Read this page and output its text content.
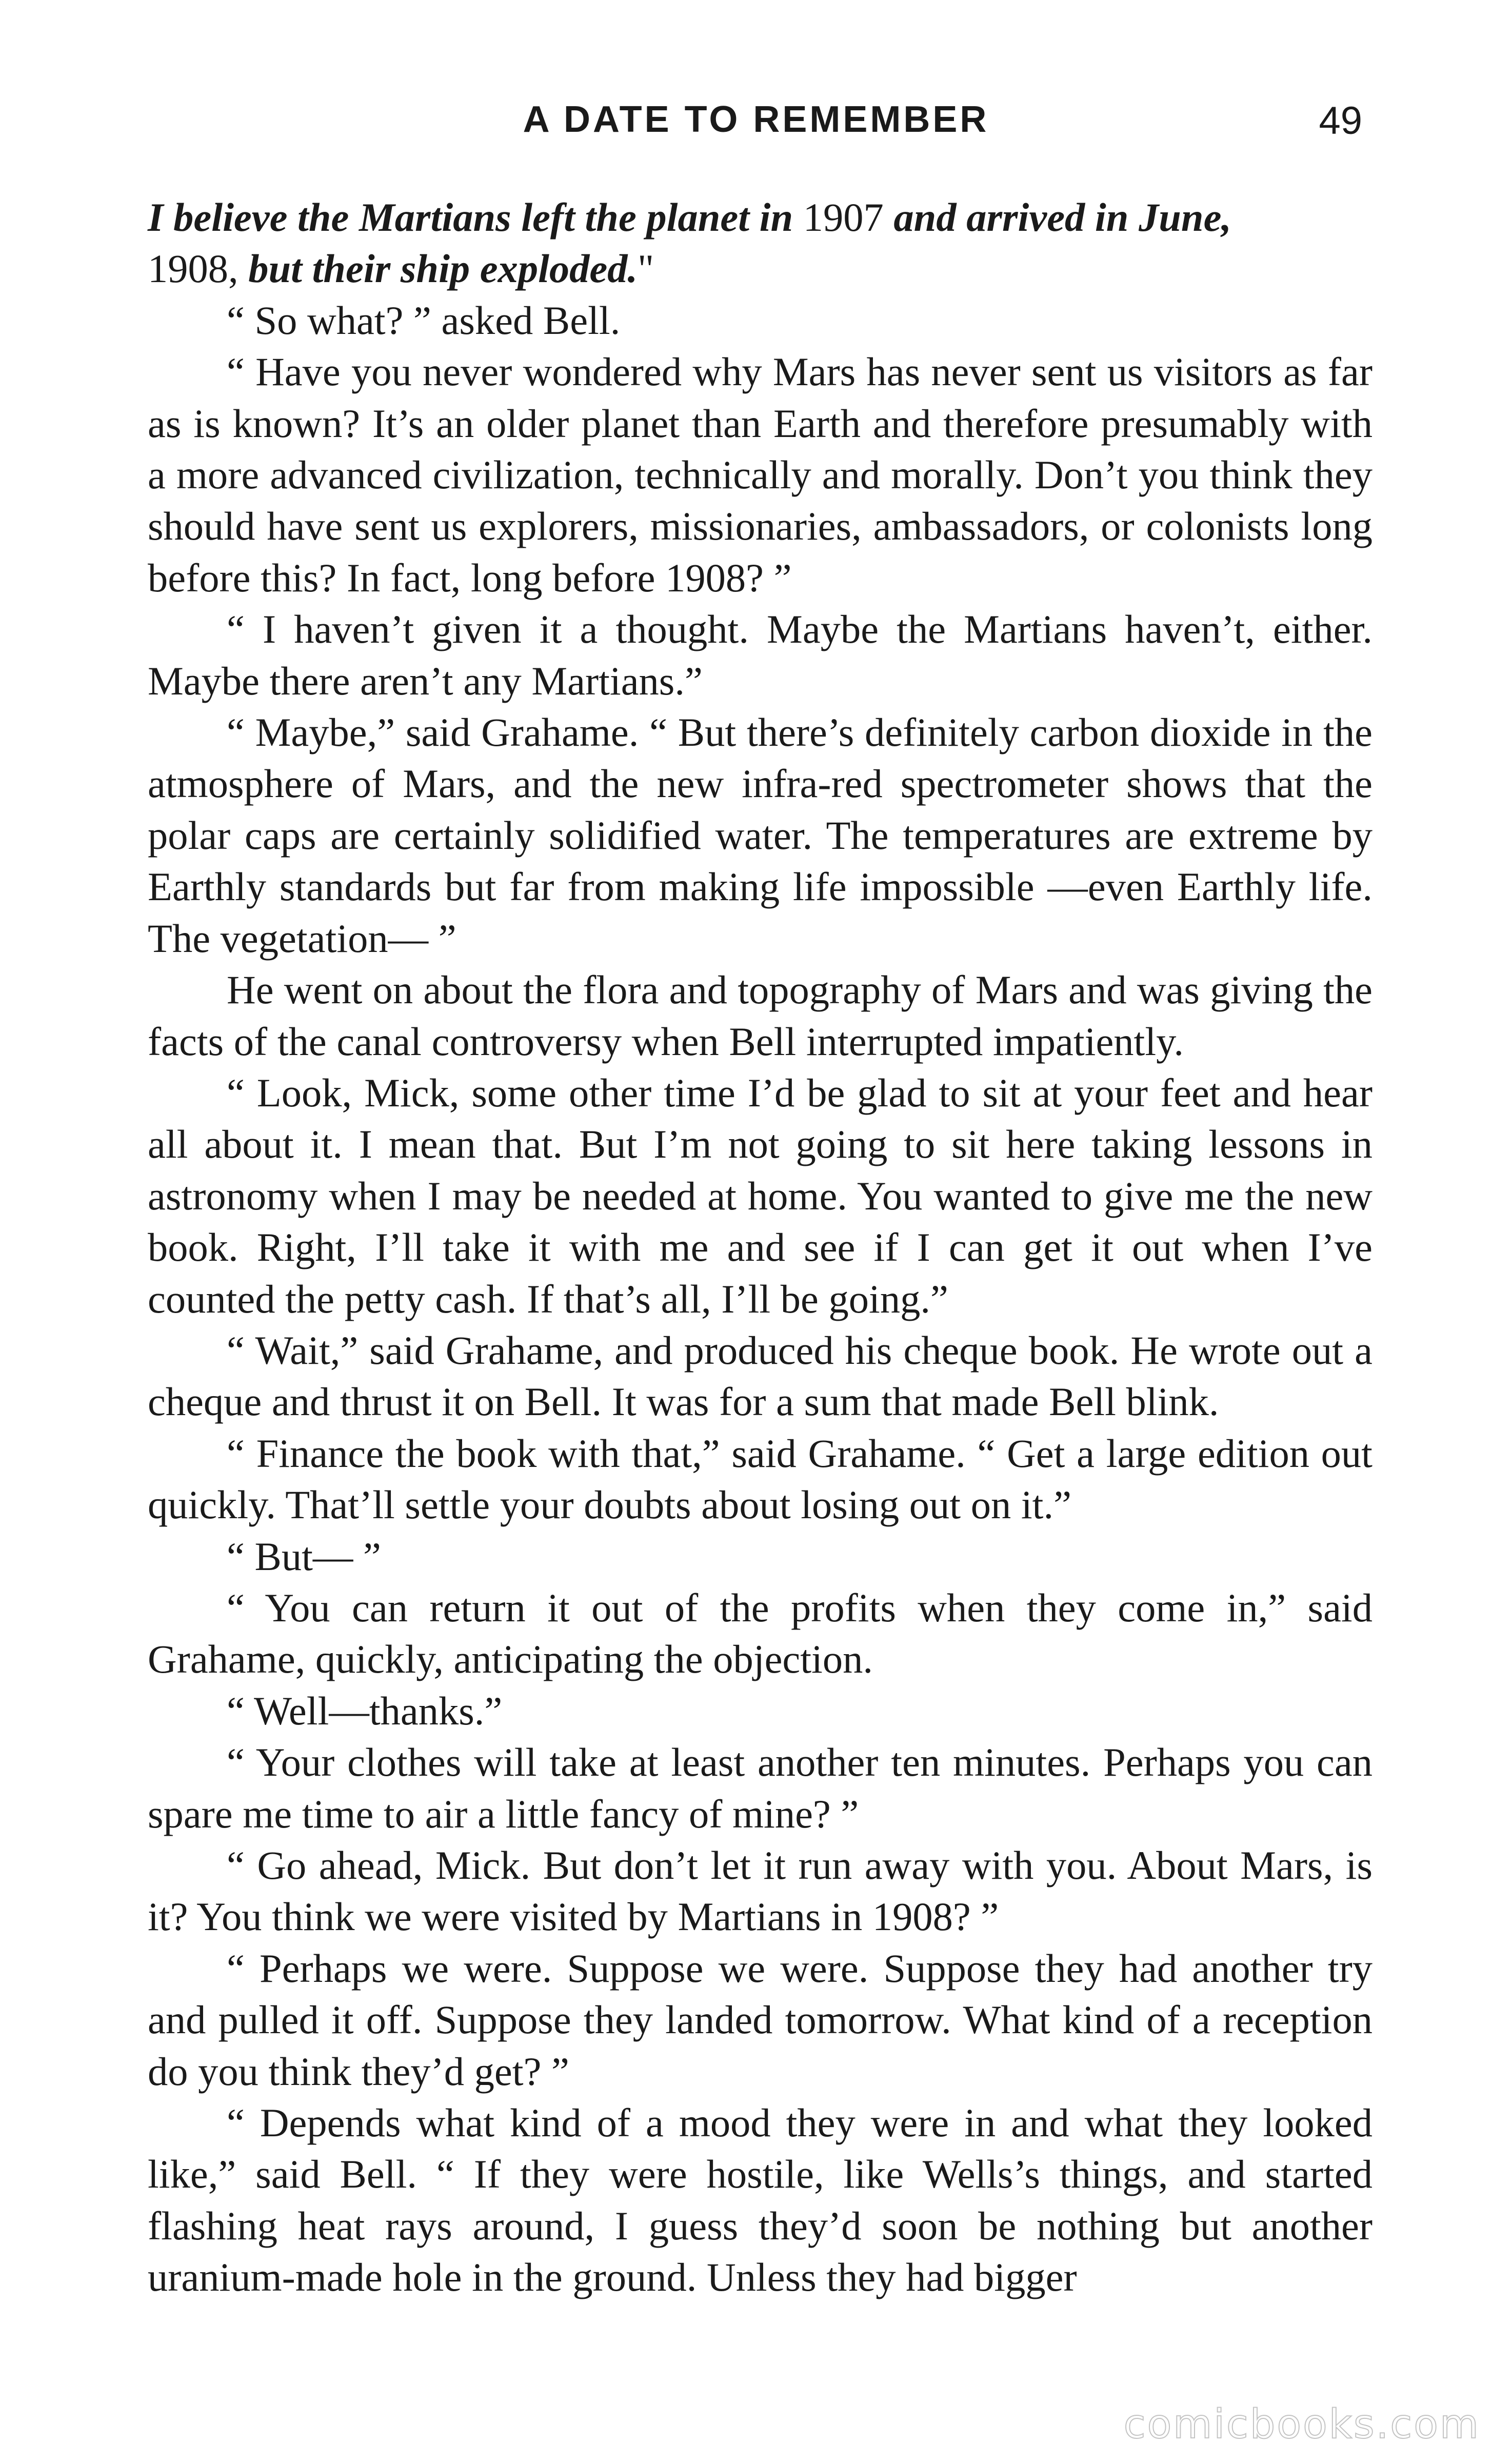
A DATE TO REMEMBER	49

I believe the Martians left the planet in 1907 and arrived in June,
1908, but their ship exploded."

“ So what? ” asked Bell.

“ Have you never wondered why Mars has never sent us visitors as far as is known? It’s an older planet than Earth and therefore presumably with a more advanced civilization, technically and morally. Don’t you think they should have sent us explorers, missionaries, ambassadors, or colonists long before this? In fact, long before 1908? ”

“ I haven’t given it a thought. Maybe the Martians haven’t, either. Maybe there aren’t any Martians.”

“ Maybe,” said Grahame. “ But there’s definitely carbon dioxide in the atmosphere of Mars, and the new infra-red spectrometer shows that the polar caps are certainly solidified water. The temperatures are extreme by Earthly standards but far from making life impossible —even Earthly life. The vegetation— ”

He went on about the flora and topography of Mars and was giving the facts of the canal controversy when Bell interrupted impatiently.

“ Look, Mick, some other time I’d be glad to sit at your feet and hear all about it. I mean that. But I’m not going to sit here taking lessons in astronomy when I may be needed at home. You wanted to give me the new book. Right, I’ll take it with me and see if I can get it out when I’ve counted the petty cash. If that’s all, I’ll be going.”

“ Wait,” said Grahame, and produced his cheque book. He wrote out a cheque and thrust it on Bell. It was for a sum that made Bell blink.

“ Finance the book with that,” said Grahame. “ Get a large edition out quickly. That’ll settle your doubts about losing out on it.”

“ But— ”

“ You can return it out of the profits when they come in,” said Grahame, quickly, anticipating the objection.

“ Well—thanks.”

“ Your clothes will take at least another ten minutes. Perhaps you can spare me time to air a little fancy of mine? ”

“ Go ahead, Mick. But don’t let it run away with you. About Mars, is it? You think we were visited by Martians in 1908? ”

“ Perhaps we were. Suppose we were. Suppose they had another try and pulled it off. Suppose they landed tomorrow. What kind of a reception do you think they’d get? ”

“ Depends what kind of a mood they were in and what they looked like,” said Bell. “ If they were hostile, like Wells’s things, and started flashing heat rays around, I guess they’d soon be nothing but another uranium-made hole in the ground. Unless they had bigger

comicbooks.com
